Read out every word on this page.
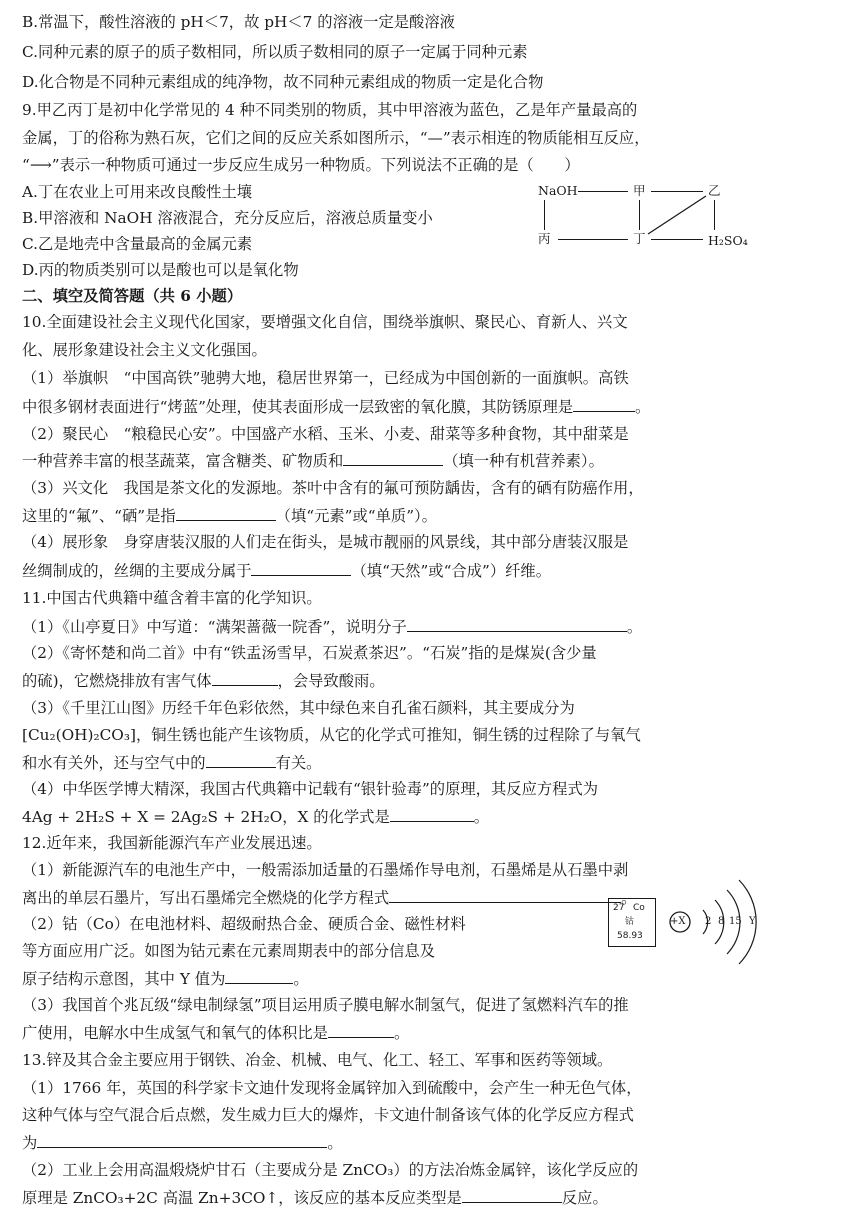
B.常温下，酸性溶液的 pH＜7，故 pH＜7 的溶液一定是酸溶液
C.同种元素的原子的质子数相同，所以质子数相同的原子一定属于同种元素
D.化合物是不同种元素组成的纯净物，故不同种元素组成的物质一定是化合物
9.甲乙丙丁是初中化学常见的 4 种不同类别的物质，其中甲溶液为蓝色，乙是年产量最高的
金属，丁的俗称为熟石灰，它们之间的反应关系如图所示，“—”表示相连的物质能相互反应，
“⟶”表示一种物质可通过一步反应生成另一种物质。下列说法不正确的是（　　）
A.丁在农业上可用来改良酸性土壤
B.甲溶液和 NaOH 溶液混合，充分反应后，溶液总质量变小
C.乙是地壳中含量最高的金属元素
D.丙的物质类别可以是酸也可以是氧化物
NaOH	甲	乙
丙	丁	H₂SO₄
二、填空及简答题（共 6 小题）
10.全面建设社会主义现代化国家，要增强文化自信，围绕举旗帜、聚民心、育新人、兴文
化、展形象建设社会主义文化强国。
（1）举旗帜　“中国高铁”驰骋大地，稳居世界第一，已经成为中国创新的一面旗帜。高铁
中很多钢材表面进行“烤蓝”处理，使其表面形成一层致密的氧化膜，其防锈原理是	。
（2）聚民心　“粮稳民心安”。中国盛产水稻、玉米、小麦、甜菜等多种食物，其中甜菜是
一种营养丰富的根茎蔬菜，富含糖类、矿物质和	（填一种有机营养素）。
（3）兴文化　我国是茶文化的发源地。茶叶中含有的氟可预防龋齿，含有的硒有防癌作用，
这里的“氟”、“硒”是指	（填“元素”或“单质”）。
（4）展形象　身穿唐装汉服的人们走在街头，是城市靓丽的风景线，其中部分唐装汉服是
丝绸制成的，丝绸的主要成分属于	（填“天然”或“合成”）纤维。
11.中国古代典籍中蕴含着丰富的化学知识。
（1）《山亭夏日》中写道：“满架蔷薇一院香”，说明分子	。
（2）《寄怀楚和尚二首》中有“铁盂汤雪早，石炭煮茶迟”。“石炭”指的是煤炭(含少量
的硫)，它燃烧排放有害气体	，会导致酸雨。
（3）《千里江山图》历经千年色彩依然，其中绿色来自孔雀石颜料，其主要成分为
[Cu₂(OH)₂CO₃]，铜生锈也能产生该物质，从它的化学式可推知，铜生锈的过程除了与氧气
和水有关外，还与空气中的	有关。
（4）中华医学博大精深，我国古代典籍中记载有“银针验毒”的原理，其反应方程式为
4Ag + 2H₂S + X = 2Ag₂S + 2H₂O，X 的化学式是	。
12.近年来，我国新能源汽车产业发展迅速。
（1）新能源汽车的电池生产中，一般需添加适量的石墨烯作导电剂，石墨烯是从石墨中剥
离出的单层石墨片，写出石墨烯完全燃烧的化学方程式	。
（2）钴（Co）在电池材料、超级耐热合金、硬质合金、磁性材料
等方面应用广泛。如图为钴元素在元素周期表中的部分信息及
原子结构示意图，其中 Y 值为	。
27 Co
钴
58.93
+X 2 8 15 Y
（3）我国首个兆瓦级“绿电制绿氢”项目运用质子膜电解水制氢气，促进了氢燃料汽车的推
广使用，电解水中生成氢气和氧气的体积比是	。
13.锌及其合金主要应用于钢铁、冶金、机械、电气、化工、轻工、军事和医药等领域。
（1）1766 年，英国的科学家卡文迪什发现将金属锌加入到硫酸中，会产生一种无色气体，
这种气体与空气混合后点燃，发生威力巨大的爆炸，卡文迪什制备该气体的化学反应方程式
为	。
（2）工业上会用高温煅烧炉甘石（主要成分是 ZnCO₃）的方法冶炼金属锌，该化学反应的
原理是 ZnCO₃+2C 高温 Zn+3CO↑，该反应的基本反应类型是	反应。
